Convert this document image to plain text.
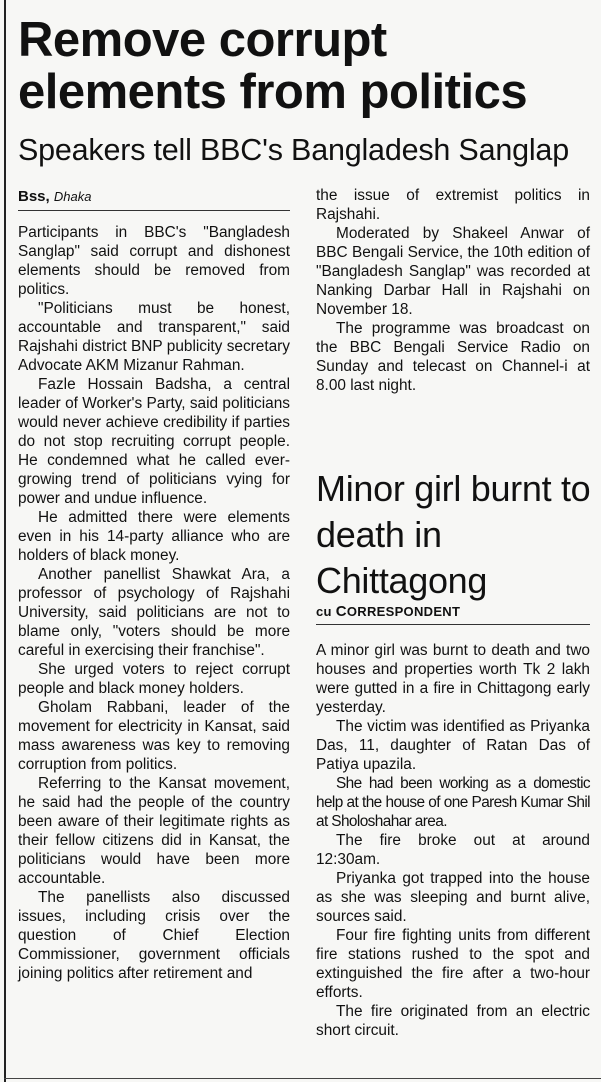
Remove corrupt elements from politics
Speakers tell BBC's Bangladesh Sanglap
Bss, Dhaka

Participants in BBC's "Bangladesh Sanglap" said corrupt and dishonest elements should be removed from politics.

"Politicians must be honest, accountable and transparent," said Rajshahi district BNP publicity secretary Advocate AKM Mizanur Rahman.

Fazle Hossain Badsha, a central leader of Worker's Party, said politicians would never achieve credibility if parties do not stop recruiting corrupt people. He condemned what he called ever-growing trend of politicians vying for power and undue influence.

He admitted there were elements even in his 14-party alliance who are holders of black money.

Another panellist Shawkat Ara, a professor of psychology of Rajshahi University, said politicians are not to blame only, "voters should be more careful in exercising their franchise".

She urged voters to reject corrupt people and black money holders.

Gholam Rabbani, leader of the movement for electricity in Kansat, said mass awareness was key to removing corruption from politics.

Referring to the Kansat movement, he said had the people of the country been aware of their legitimate rights as their fellow citizens did in Kansat, the politicians would have been more accountable.

The panellists also discussed issues, including crisis over the question of Chief Election Commissioner, government officials joining politics after retirement and

the issue of extremist politics in Rajshahi.

Moderated by Shakeel Anwar of BBC Bengali Service, the 10th edition of "Bangladesh Sanglap" was recorded at Nanking Darbar Hall in Rajshahi on November 18.

The programme was broadcast on the BBC Bengali Service Radio on Sunday and telecast on Channel-i at 8.00 last night.

Minor girl burnt to death in Chittagong
cu CORRESPONDENT

A minor girl was burnt to death and two houses and properties worth Tk 2 lakh were gutted in a fire in Chittagong early yesterday.

The victim was identified as Priyanka Das, 11, daughter of Ratan Das of Patiya upazila.

She had been working as a domestic help at the house of one Paresh Kumar Shil at Sholoshahar area.

The fire broke out at around 12:30am.

Priyanka got trapped into the house as she was sleeping and burnt alive, sources said.

Four fire fighting units from different fire stations rushed to the spot and extinguished the fire after a two-hour efforts.

The fire originated from an electric short circuit.
